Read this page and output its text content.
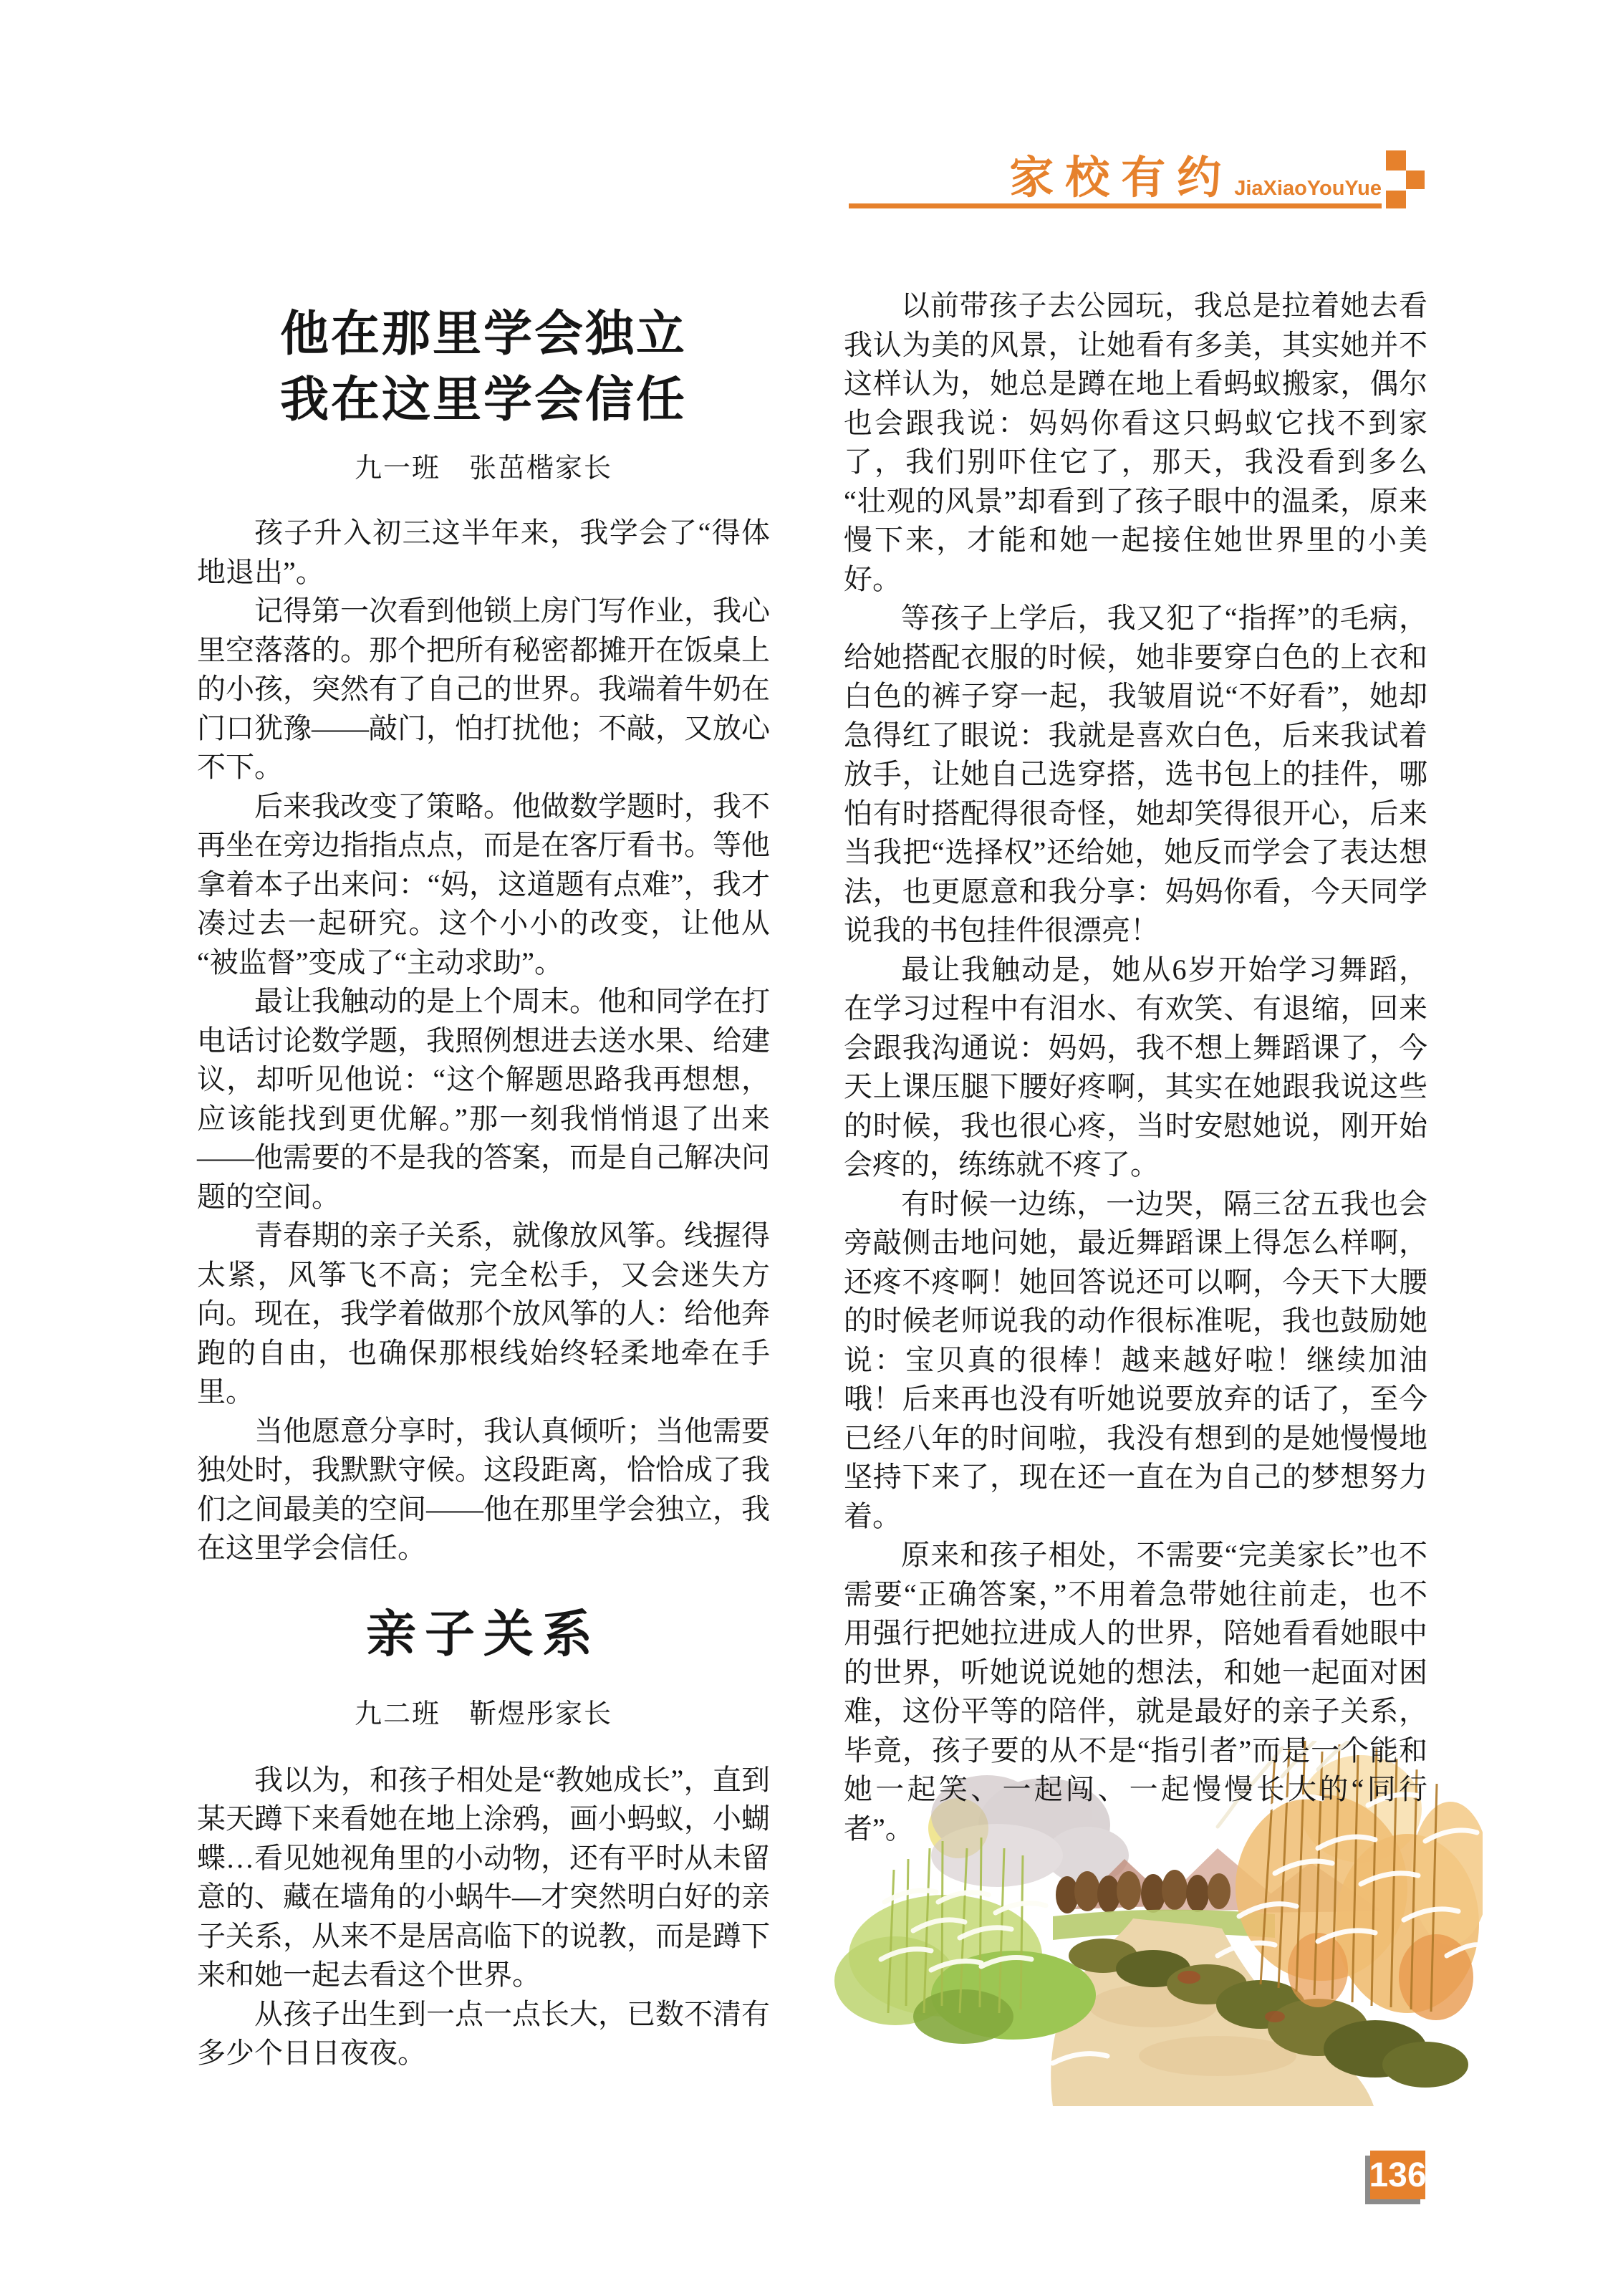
家校有约 JiaXiaoYouYue
他在那里学会独立
我在这里学会信任
九一班　张茁楷家长

孩子升入初三这半年来，我学会了“得体地退出”。

记得第一次看到他锁上房门写作业，我心里空落落的。那个把所有秘密都摊开在饭桌上的小孩，突然有了自己的世界。我端着牛奶在门口犹豫——敲门，怕打扰他；不敲，又放心不下。

后来我改变了策略。他做数学题时，我不再坐在旁边指指点点，而是在客厅看书。等他拿着本子出来问：“妈，这道题有点难”，我才凑过去一起研究。这个小小的改变，让他从“被监督”变成了“主动求助”。

最让我触动的是上个周末。他和同学在打电话讨论数学题，我照例想进去送水果、给建议，却听见他说：“这个解题思路我再想想，应该能找到更优解。”那一刻我悄悄退了出来——他需要的不是我的答案，而是自己解决问题的空间。

青春期的亲子关系，就像放风筝。线握得太紧，风筝飞不高；完全松手，又会迷失方向。现在，我学着做那个放风筝的人：给他奔跑的自由，也确保那根线始终轻柔地牵在手里。

当他愿意分享时，我认真倾听；当他需要独处时，我默默守候。这段距离，恰恰成了我们之间最美的空间——他在那里学会独立，我在这里学会信任。

亲子关系
九二班　靳煜彤家长

我以为，和孩子相处是“教她成长”，直到某天蹲下来看她在地上涂鸦，画小蚂蚁，小蝴蝶…看见她视角里的小动物，还有平时从未留意的、藏在墙角的小蜗牛—才突然明白好的亲子关系，从来不是居高临下的说教，而是蹲下来和她一起去看这个世界。

从孩子出生到一点一点长大，已数不清有多少个日日夜夜。

以前带孩子去公园玩，我总是拉着她去看我认为美的风景，让她看有多美，其实她并不这样认为，她总是蹲在地上看蚂蚁搬家，偶尔也会跟我说：妈妈你看这只蚂蚁它找不到家了，我们别吓住它了，那天，我没看到多么“壮观的风景”却看到了孩子眼中的温柔，原来慢下来，才能和她一起接住她世界里的小美好。

等孩子上学后，我又犯了“指挥”的毛病，给她搭配衣服的时候，她非要穿白色的上衣和白色的裤子穿一起，我皱眉说“不好看”，她却急得红了眼说：我就是喜欢白色，后来我试着放手，让她自己选穿搭，选书包上的挂件，哪怕有时搭配得很奇怪，她却笑得很开心，后来当我把“选择权”还给她，她反而学会了表达想法，也更愿意和我分享：妈妈你看，今天同学说我的书包挂件很漂亮！

最让我触动是，她从6岁开始学习舞蹈，在学习过程中有泪水、有欢笑、有退缩，回来会跟我沟通说：妈妈，我不想上舞蹈课了，今天上课压腿下腰好疼啊，其实在她跟我说这些的时候，我也很心疼，当时安慰她说，刚开始会疼的，练练就不疼了。

有时候一边练，一边哭，隔三岔五我也会旁敲侧击地问她，最近舞蹈课上得怎么样啊，还疼不疼啊！她回答说还可以啊，今天下大腰的时候老师说我的动作很标准呢，我也鼓励她说：宝贝真的很棒！越来越好啦！继续加油哦！后来再也没有听她说要放弃的话了，至今已经八年的时间啦，我没有想到的是她慢慢地坚持下来了，现在还一直在为自己的梦想努力着。

原来和孩子相处，不需要“完美家长”也不需要“正确答案，”不用着急带她往前走，也不用强行把她拉进成人的世界，陪她看看她眼中的世界，听她说说她的想法，和她一起面对困难，这份平等的陪伴，就是最好的亲子关系，毕竟，孩子要的从不是“指引者”而是一个能和她一起笑、一起闯、一起慢慢长大的“同行者”。

136
